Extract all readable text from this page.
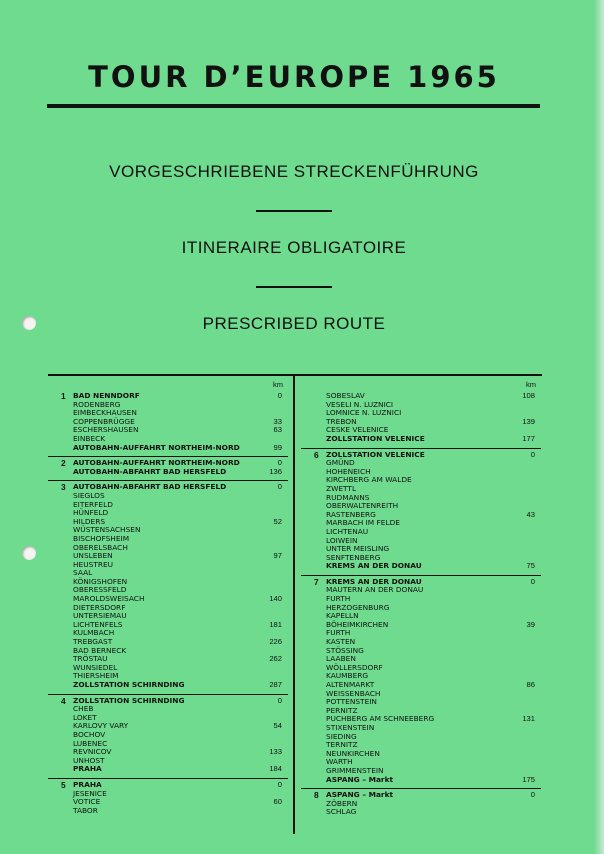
TOUR D’EUROPE 1965
VORGESCHRIEBENE STRECKENFÜHRUNG
ITINERAIRE OBLIGATOIRE
PRESCRIBED ROUTE
km
1 BAD NENNDORF	0
RODENBERG
EIMBECKHAUSEN
COPPENBRÜGGE	33
ESCHERSHAUSEN	63
EINBECK
AUTOBAHN-AUFFAHRT NORTHEIM-NORD	99
2 AUTOBAHN-AUFFAHRT NORTHEIM-NORD	0
AUTOBAHN-ABFAHRT BAD HERSFELD	136
3 AUTOBAHN-ABFAHRT BAD HERSFELD	0
SIEGLOS
EITERFELD
HÜNFELD
HILDERS	52
WÜSTENSACHSEN
BISCHOFSHEIM
OBERELSBACH
UNSLEBEN	97
HEUSTREU
SAAL
KÖNIGSHOFEN
OBERESSFELD
MAROLDSWEISACH	140
DIETERSDORF
UNTERSIEMAU
LICHTENFELS	181
KULMBACH
TREBGAST	226
BAD BERNECK
TRÖSTAU	262
WUNSIEDEL
THIERSHEIM
ZOLLSTATION SCHIRNDING	287
4 ZOLLSTATION SCHIRNDING	0
CHEB
LOKET
KARLOVY VARY	54
BOCHOV
LUBENEC
REVNICOV	133
UNHOST
PRAHA	184
5 PRAHA	0
JESENICE
VOTICE	60
TABOR
km
SOBESLAV	108
VESELI N. LUZNICI
LOMNICE N. LUZNICI
TREBON	139
CESKE VELENICE
ZOLLSTATION VELENICE	177
6 ZOLLSTATION VELENICE	0
GMÜND
HOHENEICH
KIRCHBERG AM WALDE
ZWETTL
RUDMANNS
OBERWALTENREITH
RASTENBERG	43
MARBACH IM FELDE
LICHTENAU
LOIWEIN
UNTER MEISLING
SENFTENBERG
KREMS AN DER DONAU	75
7 KREMS AN DER DONAU	0
MAUTERN AN DER DONAU
FURTH
HERZOGENBURG
KAPELLN
BÖHEIMKIRCHEN	39
FURTH
KASTEN
STÖSSING
LAABEN
WÖLLERSDORF
KAUMBERG
ALTENMARKT	86
WEISSENBACH
POTTENSTEIN
PERNITZ
PUCHBERG AM SCHNEEBERG	131
STIXENSTEIN
SIEDING
TERNITZ
NEUNKIRCHEN
WARTH
GRIMMENSTEIN
ASPANG – Markt	175
8 ASPANG – Markt	0
ZÖBERN
SCHLAG
